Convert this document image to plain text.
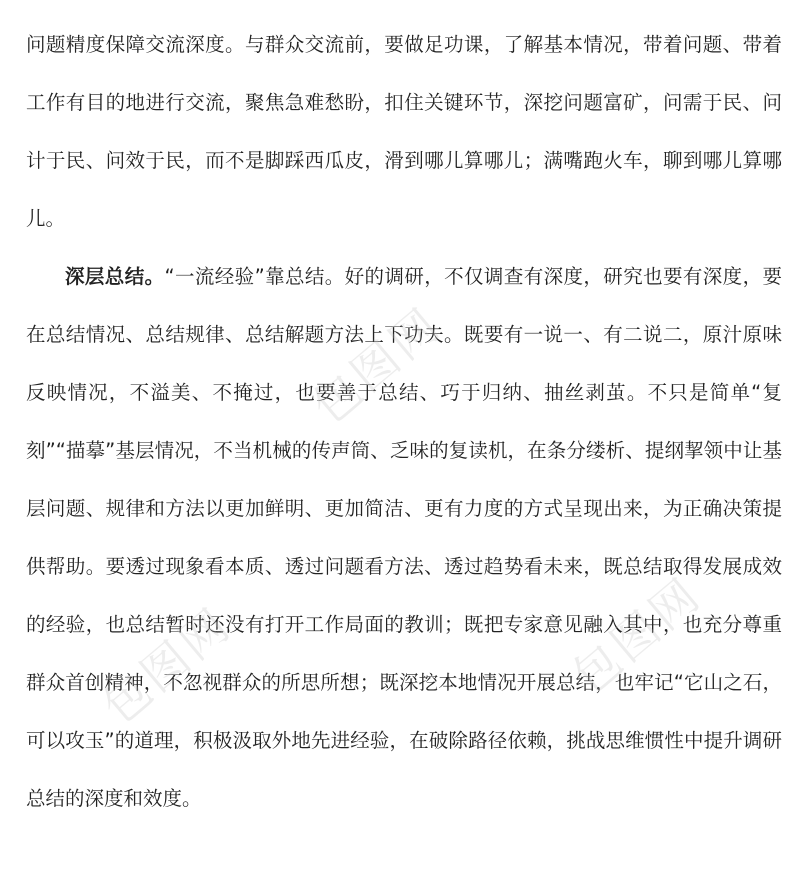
问题精度保障交流深度。与群众交流前，要做足功课，了解基本情况，带着问题、带着工作有目的地进行交流，聚焦急难愁盼，扣住关键环节，深挖问题富矿，问需于民、问计于民、问效于民，而不是脚踩西瓜皮，滑到哪儿算哪儿；满嘴跑火车，聊到哪儿算哪儿。

深层总结。“一流经验”靠总结。好的调研，不仅调查有深度，研究也要有深度，要在总结情况、总结规律、总结解题方法上下功夫。既要有一说一、有二说二，原汁原味反映情况，不溢美、不掩过，也要善于总结、巧于归纳、抽丝剥茧。不只是简单“复刻”“描摹”基层情况，不当机械的传声筒、乏味的复读机，在条分缕析、提纲挈领中让基层问题、规律和方法以更加鲜明、更加简洁、更有力度的方式呈现出来，为正确决策提供帮助。要透过现象看本质、透过问题看方法、透过趋势看未来，既总结取得发展成效的经验，也总结暂时还没有打开工作局面的教训；既把专家意见融入其中，也充分尊重群众首创精神，不忽视群众的所思所想；既深挖本地情况开展总结，也牢记“它山之石，可以攻玉”的道理，积极汲取外地先进经验，在破除路径依赖，挑战思维惯性中提升调研总结的深度和效度。

包图网
包图网	包图网
